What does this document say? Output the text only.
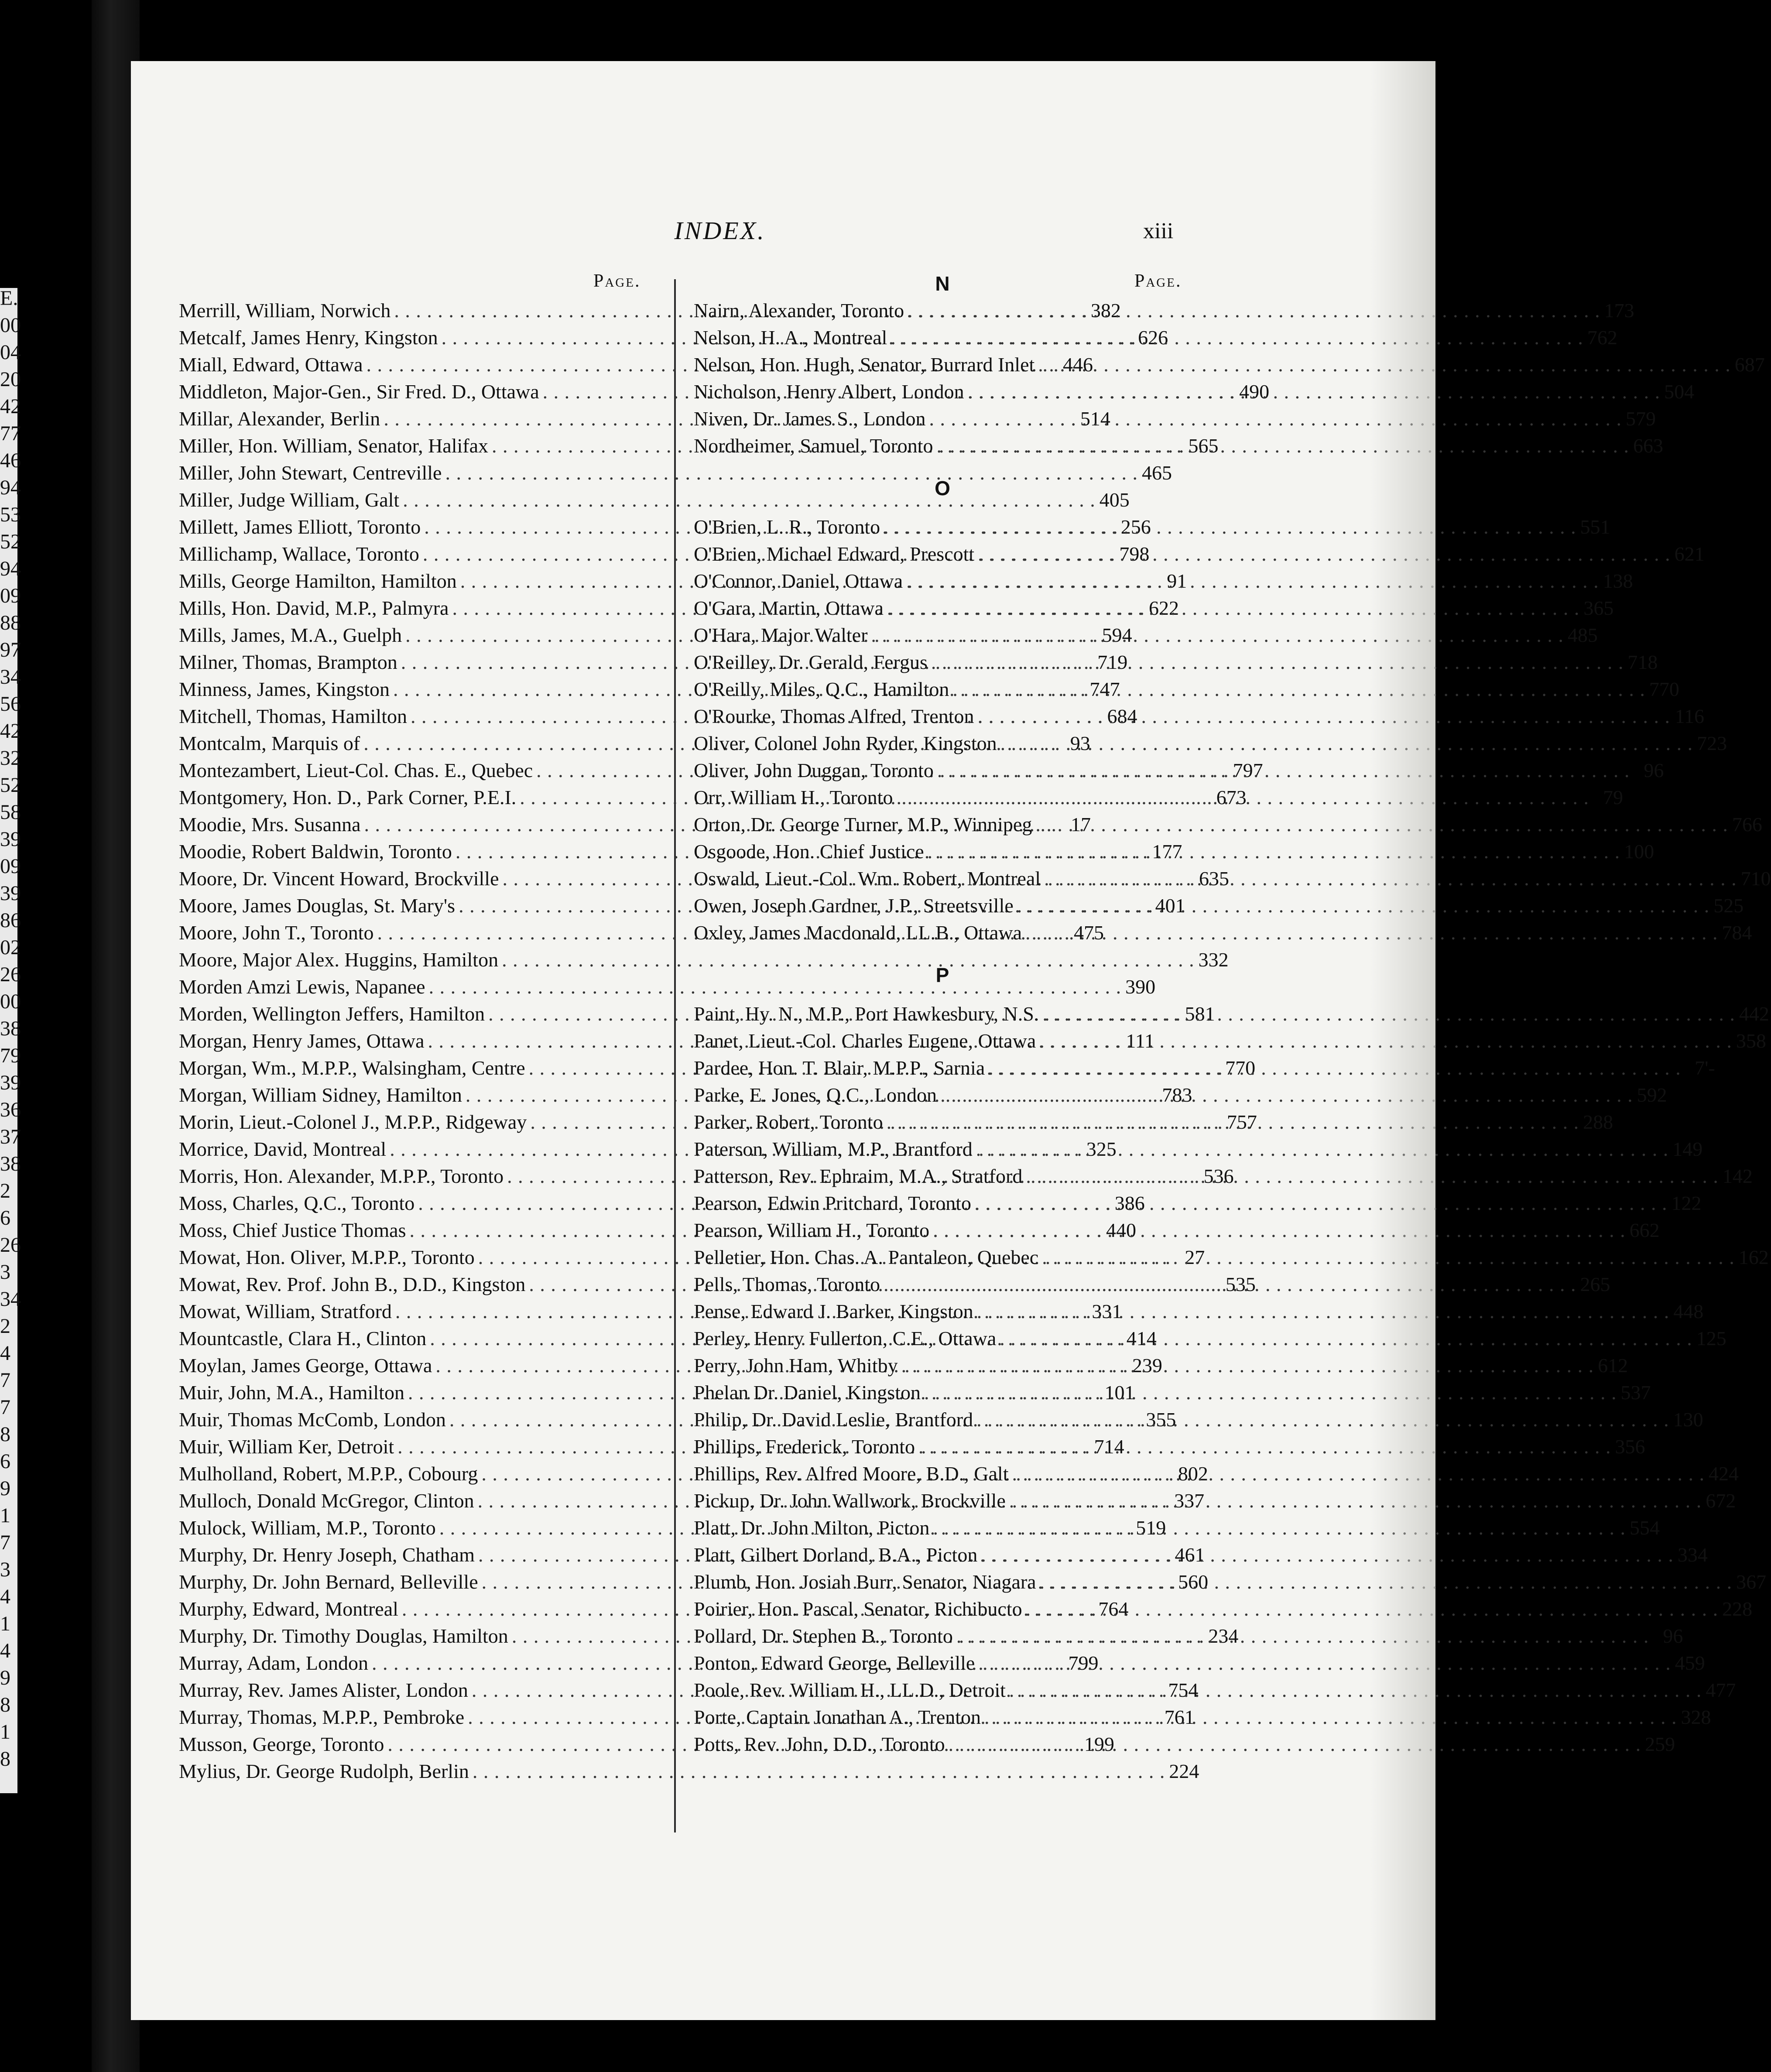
E.
00
04
20
42
77
46
94
53
52
94
09
88
97
34
56
42
32
52
58
39
09
39
86
02
26
00
38
79
39
36
37
38
2
6
26
3
34
2
4
7
7
8
6
9
1
7
3
4
1
4
9
8
1
8
INDEX.	xiii
Page.	Page.
Merrill, William, Norwich . . .	382
Metcalf, James Henry, Kingston . . .	626
Miall, Edward, Ottawa . . .	446
Middleton, Major-Gen., Sir Fred. D., Ottawa . . .	490
Millar, Alexander, Berlin . . .	514
Miller, Hon. William, Senator, Halifax . . .	565
Miller, John Stewart, Centreville . . .	465
Miller, Judge William, Galt . . .	405
Millett, James Elliott, Toronto . . .	256
Millichamp, Wallace, Toronto . . .	798
Mills, George Hamilton, Hamilton . . .	91
Mills, Hon. David, M.P., Palmyra . . .	622
Mills, James, M.A., Guelph . . .	594
Milner, Thomas, Brampton . . .	719
Minness, James, Kingston . . .	747
Mitchell, Thomas, Hamilton . . .	684
Montcalm, Marquis of . . .	93
Montezambert, Lieut-Col. Chas. E., Quebec . . .	797
Montgomery, Hon. D., Park Corner, P.E.I. . . .	673
Moodie, Mrs. Susanna . . .	17
Moodie, Robert Baldwin, Toronto . . .	177
Moore, Dr. Vincent Howard, Brockville . . .	635
Moore, James Douglas, St. Mary's . . .	401
Moore, John T., Toronto . . .	475
Moore, Major Alex. Huggins, Hamilton . . .	332
Morden Amzi Lewis, Napanee . . .	390
Morden, Wellington Jeffers, Hamilton . . .	581
Morgan, Henry James, Ottawa . . .	111
Morgan, Wm., M.P.P., Walsingham, Centre . . .	770
Morgan, William Sidney, Hamilton . . .	783
Morin, Lieut.-Colonel J., M.P.P., Ridgeway . . .	757
Morrice, David, Montreal . . .	325
Morris, Hon. Alexander, M.P.P., Toronto . . .	536
Moss, Charles, Q.C., Toronto . . .	386
Moss, Chief Justice Thomas . . .	440
Mowat, Hon. Oliver, M.P.P., Toronto . . .	27
Mowat, Rev. Prof. John B., D.D., Kingston . . .	535
Mowat, William, Stratford . . .	331
Mountcastle, Clara H., Clinton . . .	414
Moylan, James George, Ottawa . . .	239
Muir, John, M.A., Hamilton . . .	101
Muir, Thomas McComb, London . . .	355
Muir, William Ker, Detroit . . .	714
Mulholland, Robert, M.P.P., Cobourg . . .	802
Mulloch, Donald McGregor, Clinton . . .	337
Mulock, William, M.P., Toronto . . .	519
Murphy, Dr. Henry Joseph, Chatham . . .	461
Murphy, Dr. John Bernard, Belleville . . .	560
Murphy, Edward, Montreal . . .	764
Murphy, Dr. Timothy Douglas, Hamilton . . .	234
Murray, Adam, London . . .	799
Murray, Rev. James Alister, London . . .	754
Murray, Thomas, M.P.P., Pembroke . . .	761
Musson, George, Toronto . . .	199
Mylius, Dr. George Rudolph, Berlin . . .	224
N
Nairn, Alexander, Toronto . . .	173
Nelson, H. A., Montreal . . .	762
Nelson, Hon. Hugh, Senator, Burrard Inlet . . .	687
Nicholson, Henry Albert, London . . .	504
Niven, Dr. James S., London . . .	579
Nordheimer, Samuel, Toronto . . .	663
O
O'Brien, L. R., Toronto . . .	551
O'Brien, Michael Edward, Prescott . . .	621
O'Connor, Daniel, Ottawa . . .	138
O'Gara, Martin, Ottawa . . .	365
O'Hara, Major Walter . . .	485
O'Reilley, Dr. Gerald, Fergus . . .	718
O'Reilly, Miles, Q.C., Hamilton . . .	770
O'Rourke, Thomas Alfred, Trenton . . .	116
Oliver, Colonel John Ryder, Kingston . . .	723
Oliver, John Duggan, Toronto . . .	96
Orr, William H., Toronto . . .	79
Orton, Dr. George Turner, M.P., Winnipeg . . .	766
Osgoode, Hon. Chief Justice . . .	100
Oswald, Lieut.-Col. Wm. Robert, Montreal . . .	710
Owen, Joseph Gardner, J.P., Streetsville . . .	525
Oxley, James Macdonald, LL.B., Ottawa . . .	784
P
Paint, Hy. N., M.P., Port Hawkesbury, N.S. . . .	442
Panet, Lieut.-Col. Charles Eugene, Ottawa . . .	358
Pardee, Hon. T. Blair, M.P.P., Sarnia . . .	7'-
Parke, E. Jones, Q.C., London . . .	592
Parker, Robert, Toronto . . .	288
Paterson, William, M.P., Brantford . . .	149
Patterson, Rev. Ephraim, M.A., Stratford . . .	142
Pearson, Edwin Pritchard, Toronto . . .	122
Pearson, William H., Toronto . . .	662
Pelletier, Hon. Chas. A. Pantaleon, Quebec . . .	162
Pells, Thomas, Toronto . . .	265
Pense, Edward J. Barker, Kingston . . .	448
Perley, Henry Fullerton, C.E., Ottawa . . .	125
Perry, John Ham, Whitby . . .	612
Phelan Dr. Daniel, Kingston . . .	537
Philip, Dr. David Leslie, Brantford . . .	130
Phillips, Frederick, Toronto . . .	356
Phillips, Rev. Alfred Moore, B.D., Galt . . .	424
Pickup, Dr. John Wallwork, Brockville . . .	672
Platt, Dr. John Milton, Picton . . .	554
Platt, Gilbert Dorland, B.A., Picton . . .	334
Plumb, Hon. Josiah Burr, Senator, Niagara . . .	367
Poirier, Hon. Pascal, Senator, Richibucto . . .	228
Pollard, Dr. Stephen B., Toronto . . .	96
Ponton, Edward George, Belleville . . .	459
Poole, Rev. William H., LL.D., Detroit . . .	477
Porte, Captain Jonathan A., Trenton . . .	328
Potts, Rev. John, D.D., Toronto . . .	259
